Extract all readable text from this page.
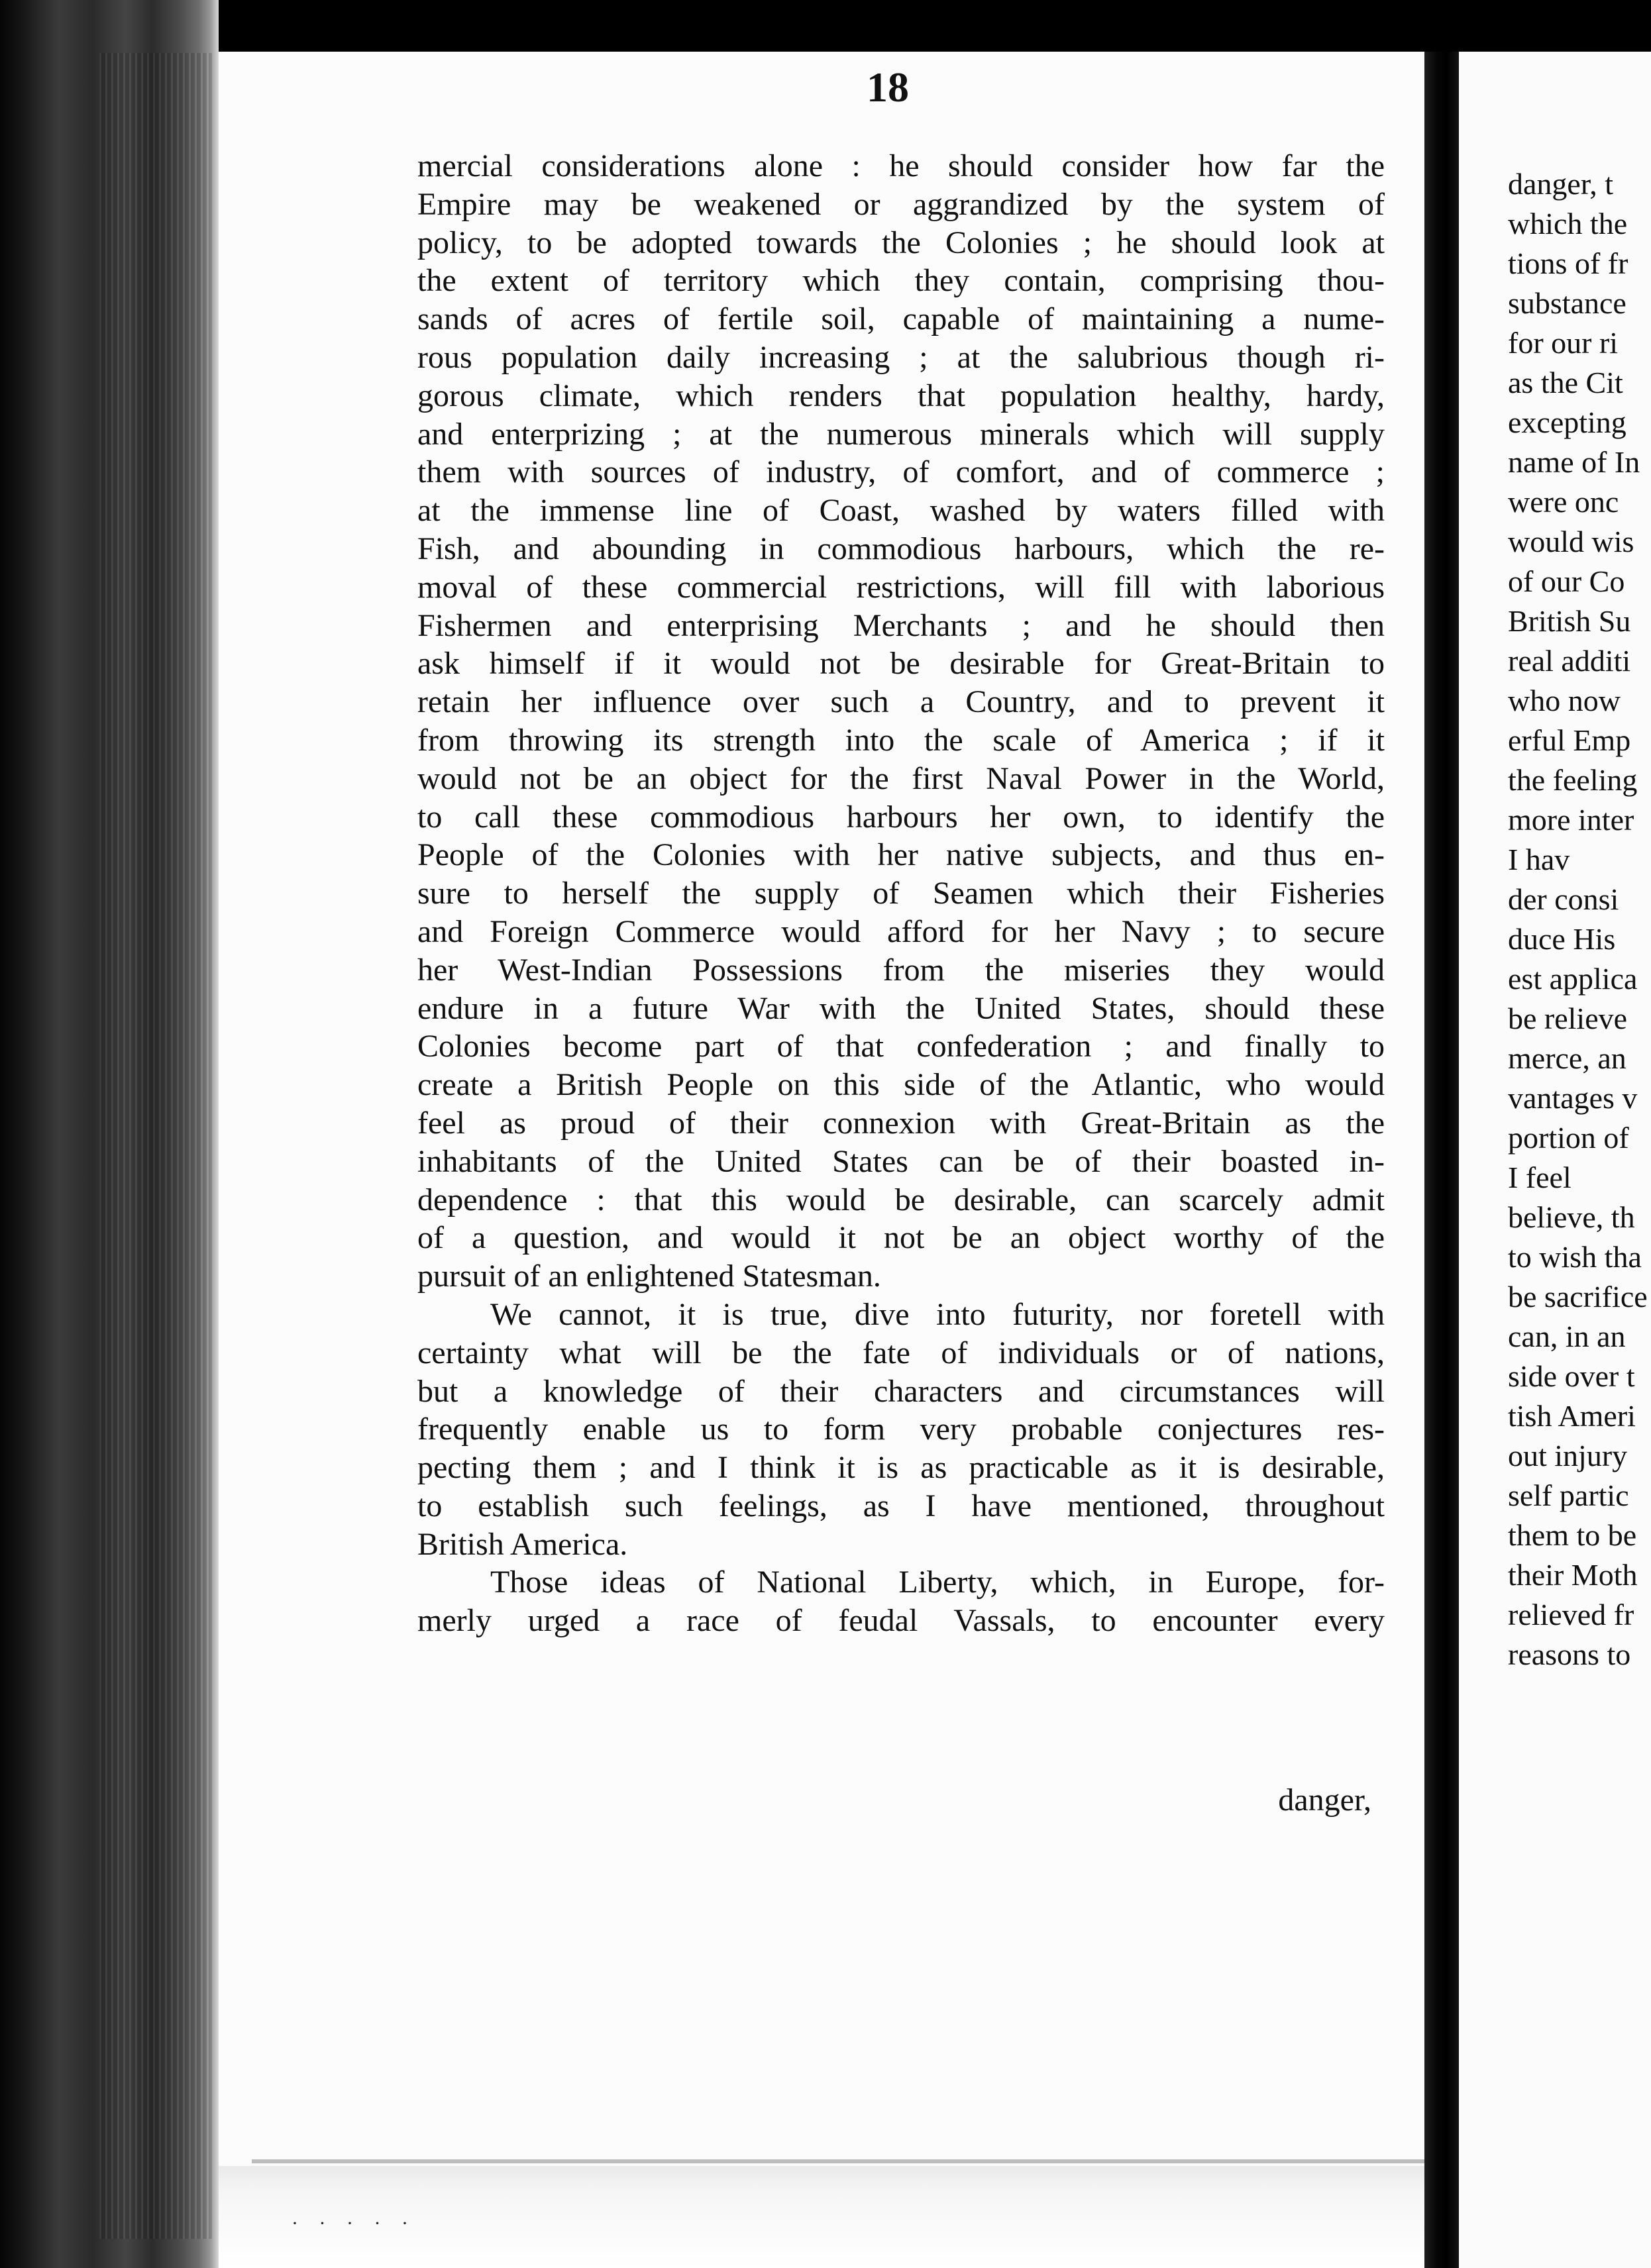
18
mercial considerations alone : he should consider how far the
Empire may be weakened or aggrandized by the system of
policy, to be adopted towards the Colonies ; he should look at
the extent of territory which they contain, comprising thou-
sands of acres of fertile soil, capable of maintaining a nume-
rous population daily increasing ; at the salubrious though ri-
gorous climate, which renders that population healthy, hardy,
and enterprizing ; at the numerous minerals which will supply
them with sources of industry, of comfort, and of commerce ;
at the immense line of Coast, washed by waters filled with
Fish, and abounding in commodious harbours, which the re-
moval of these commercial restrictions, will fill with laborious
Fishermen and enterprising Merchants ; and he should then
ask himself if it would not be desirable for Great-Britain to
retain her influence over such a Country, and to prevent it
from throwing its strength into the scale of America ; if it
would not be an object for the first Naval Power in the World,
to call these commodious harbours her own, to identify the
People of the Colonies with her native subjects, and thus en-
sure to herself the supply of Seamen which their Fisheries
and Foreign Commerce would afford for her Navy ; to secure
her West-Indian Possessions from the miseries they would
endure in a future War with the United States, should these
Colonies become part of that confederation ; and finally to
create a British People on this side of the Atlantic, who would
feel as proud of their connexion with Great-Britain as the
inhabitants of the United States can be of their boasted in-
dependence : that this would be desirable, can scarcely admit
of a question, and would it not be an object worthy of the
pursuit of an enlightened Statesman.
We cannot, it is true, dive into futurity, nor foretell with
certainty what will be the fate of individuals or of nations,
but a knowledge of their characters and circumstances will
frequently enable us to form very probable conjectures res-
pecting them ; and I think it is as practicable as it is desirable,
to establish such feelings, as I have mentioned, throughout
British America.
Those ideas of National Liberty, which, in Europe, for-
merly urged a race of feudal Vassals, to encounter every
danger,
danger, t
which the
tions of fr
substance
for our ri
as the Cit
excepting
name of In
were onc
would wis
of our Co
British Su
real additi
who now
erful Emp
the feeling
more inter
I hav
der consi
duce His
est applica
be relieve
merce, an
vantages v
portion of
I feel
believe, th
to wish tha
be sacrifice
can, in an
side over t
tish Ameri
out injury
self partic
them to be
their Moth
relieved fr
reasons to
· · · · ·
